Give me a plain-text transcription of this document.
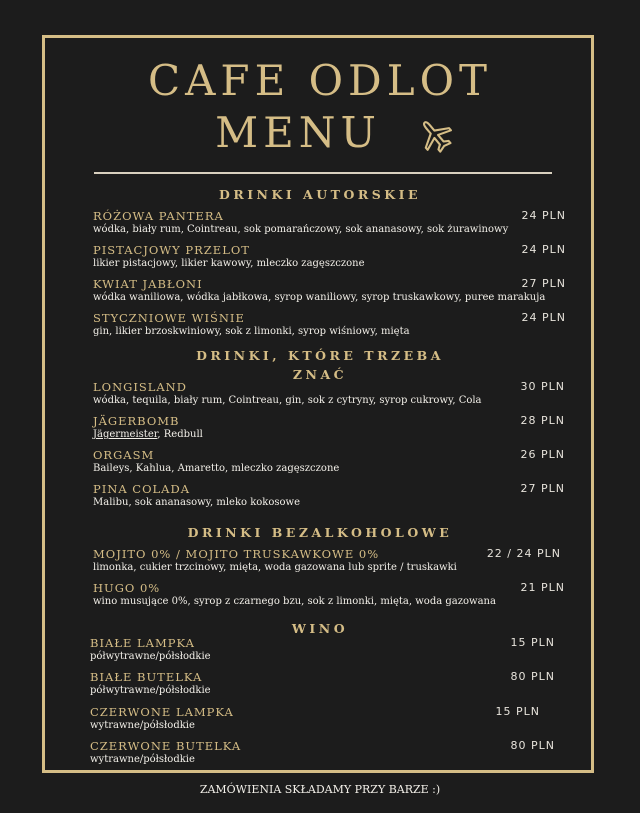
CAFE ODLOT
MENU
DRINKI AUTORSKIE
RÓŻOWA PANTERA
wódka, biały rum, Cointreau, sok pomarańczowy, sok ananasowy, sok żurawinowy
24 PLN
PISTACJOWY PRZELOT
likier pistacjowy, likier kawowy, mleczko zagęszczone
24 PLN
KWIAT JABŁONI
wódka waniliowa, wódka jabłkowa, syrop waniliowy, syrop truskawkowy, puree marakuja
27 PLN
STYCZNIOWE WIŚNIE
gin, likier brzoskwiniowy, sok z limonki, syrop wiśniowy, mięta
24 PLN
DRINKI, KTÓRE TRZEBA
ZNAĆ
LONGISLAND
wódka, tequila, biały rum, Cointreau, gin, sok z cytryny, syrop cukrowy, Cola
30 PLN
JÄGERBOMB
Jägermeister, Redbull
28 PLN
ORGASM
Baileys, Kahlua, Amaretto, mleczko zagęszczone
26 PLN
PINA COLADA
Malibu, sok ananasowy, mleko kokosowe
27 PLN
DRINKI BEZALKOHOLOWE
MOJITO 0% / MOJITO TRUSKAWKOWE 0%
limonka, cukier trzcinowy, mięta, woda gazowana lub sprite / truskawki
22 / 24 PLN
HUGO 0%
wino musujące 0%, syrop z czarnego bzu, sok z limonki, mięta, woda gazowana
21 PLN
WINO
BIAŁE LAMPKA
półwytrawne/półsłodkie
15 PLN
BIAŁE BUTELKA
półwytrawne/półsłodkie
80 PLN
CZERWONE LAMPKA
wytrawne/półsłodkie
15 PLN
CZERWONE BUTELKA
wytrawne/półsłodkie
80 PLN
ZAMÓWIENIA SKŁADAMY PRZY BARZE :)
